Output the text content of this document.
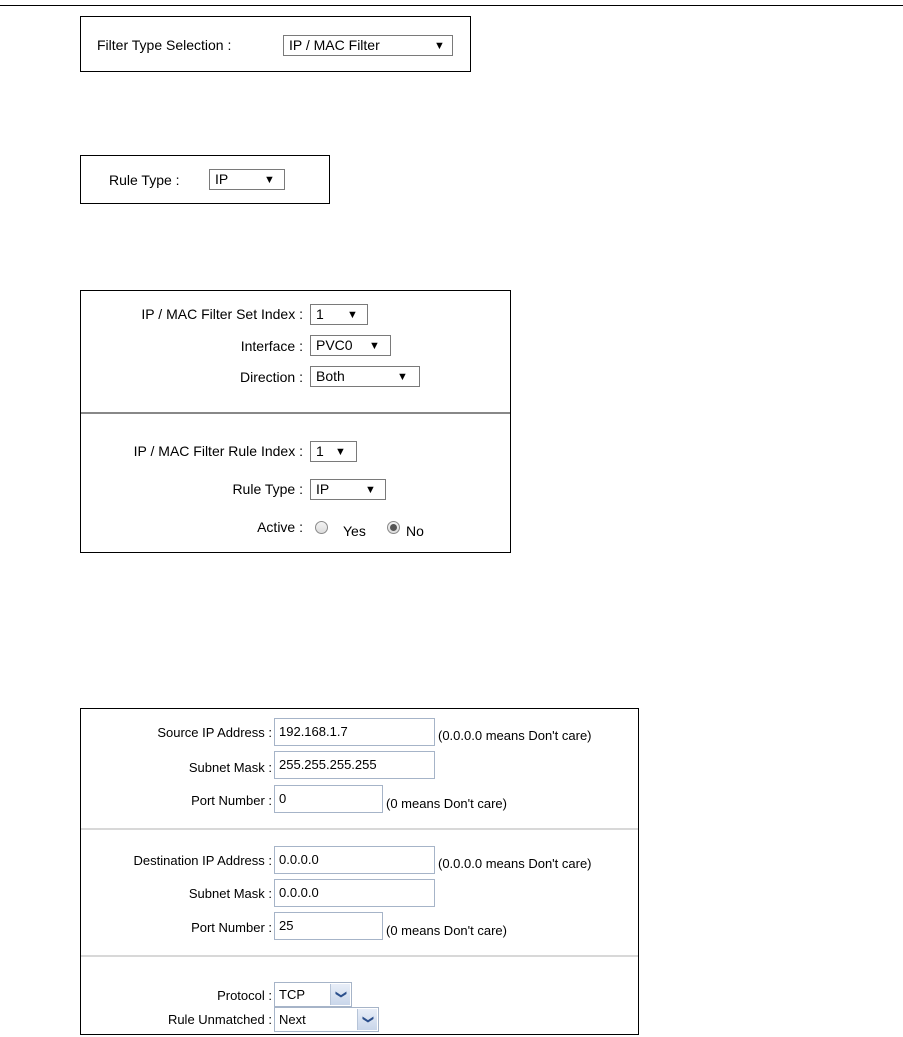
Filter Type Selection :	IP / MAC Filter	▼
Rule Type :	IP	▼
IP / MAC Filter Set Index : 1 ▼
Interface : PVC0 ▼
Direction : Both	▼
IP / MAC Filter Rule Index : 1 ▼
Rule Type : IP	▼
Active :	Yes	No
Source IP Address : 192.168.1.7	(0.0.0.0 means Don't care)
Subnet Mask : 255.255.255.255
Port Number : 0	(0 means Don't care)
Destination IP Address : 0.0.0.0	(0.0.0.0 means Don't care)
Subnet Mask : 0.0.0.0
Port Number : 25	(0 means Don't care)
Protocol : TCP	❯
Rule Unmatched : Next	❯
